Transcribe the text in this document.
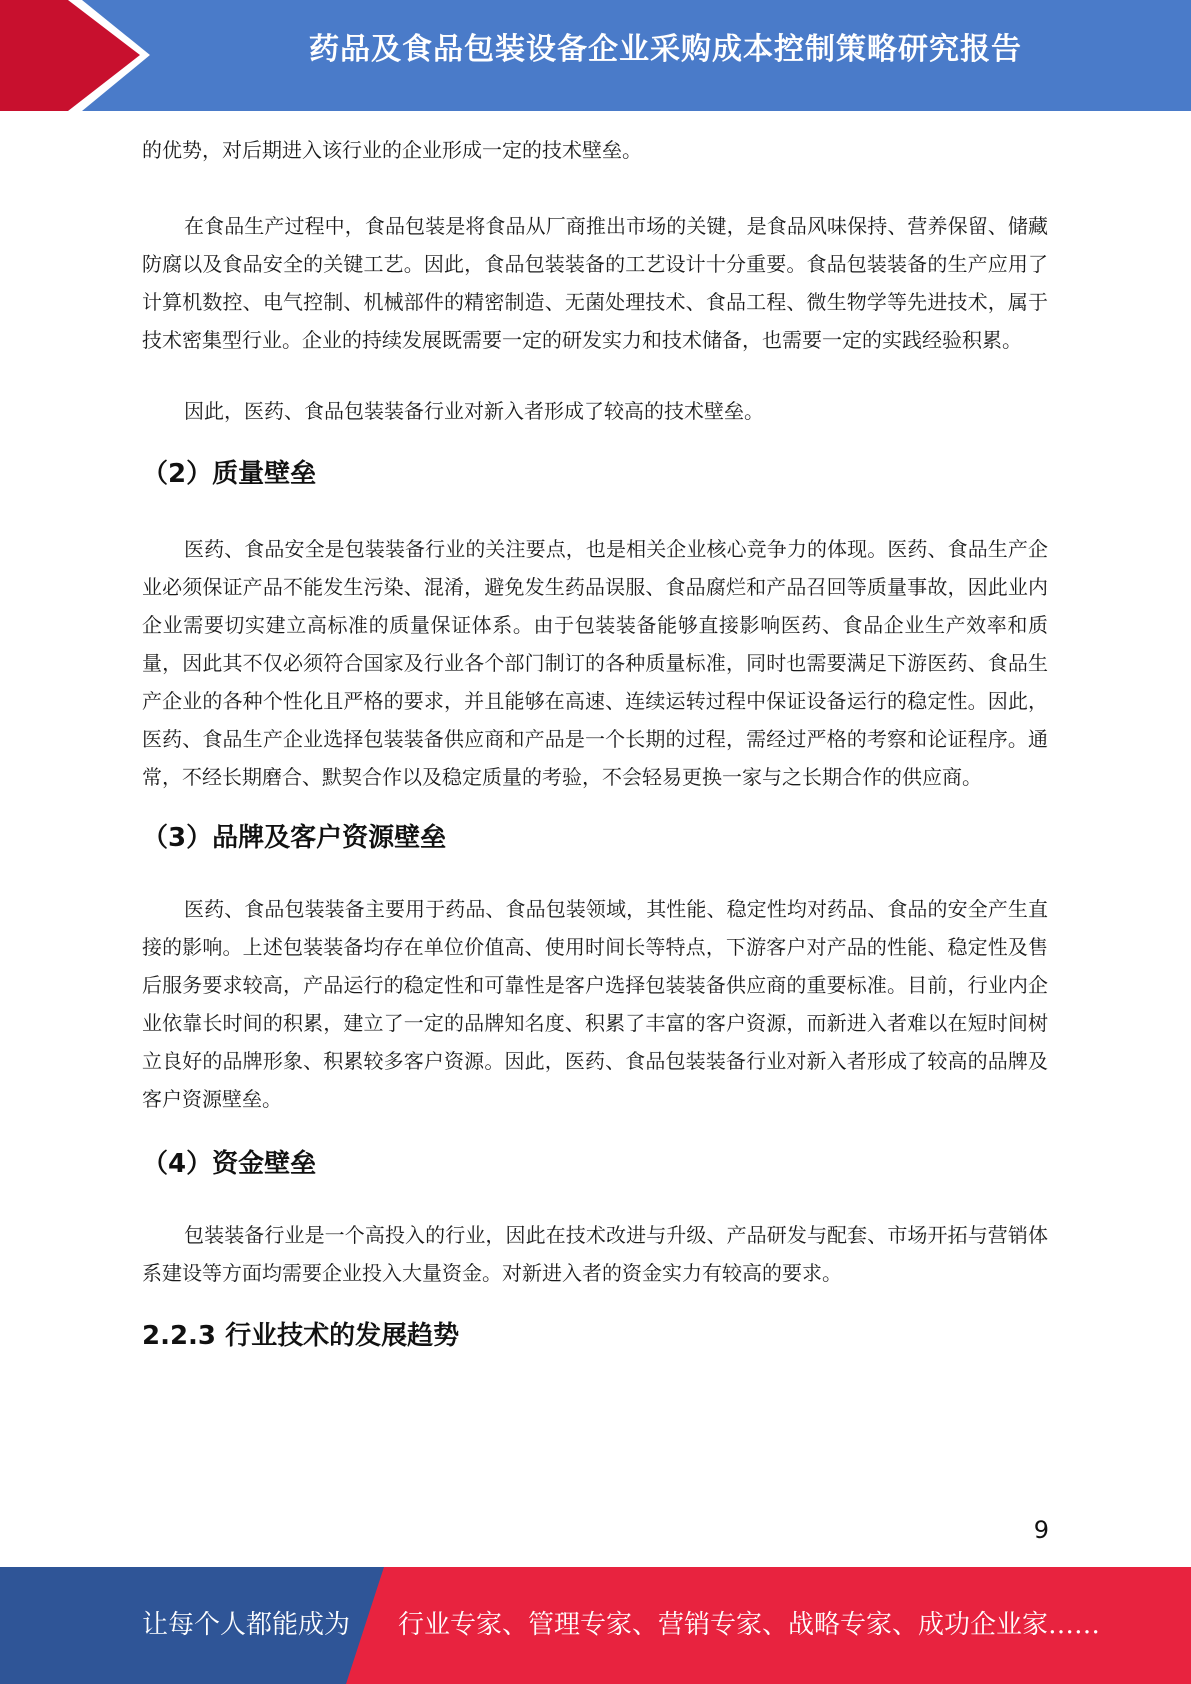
药品及食品包装设备企业采购成本控制策略研究报告

的优势，对后期进入该行业的企业形成一定的技术壁垒。

在食品生产过程中，食品包装是将食品从厂商推出市场的关键，是食品风味保持、营养保留、储藏防腐以及食品安全的关键工艺。因此，食品包装装备的工艺设计十分重要。食品包装装备的生产应用了计算机数控、电气控制、机械部件的精密制造、无菌处理技术、食品工程、微生物学等先进技术，属于技术密集型行业。企业的持续发展既需要一定的研发实力和技术储备，也需要一定的实践经验积累。

因此，医药、食品包装装备行业对新入者形成了较高的技术壁垒。

（2）质量壁垒

医药、食品安全是包装装备行业的关注要点，也是相关企业核心竞争力的体现。医药、食品生产企业必须保证产品不能发生污染、混淆，避免发生药品误服、食品腐烂和产品召回等质量事故，因此业内企业需要切实建立高标准的质量保证体系。由于包装装备能够直接影响医药、食品企业生产效率和质量，因此其不仅必须符合国家及行业各个部门制订的各种质量标准，同时也需要满足下游医药、食品生产企业的各种个性化且严格的要求，并且能够在高速、连续运转过程中保证设备运行的稳定性。因此，医药、食品生产企业选择包装装备供应商和产品是一个长期的过程，需经过严格的考察和论证程序。通常，不经长期磨合、默契合作以及稳定质量的考验，不会轻易更换一家与之长期合作的供应商。

（3）品牌及客户资源壁垒

医药、食品包装装备主要用于药品、食品包装领域，其性能、稳定性均对药品、食品的安全产生直接的影响。上述包装装备均存在单位价值高、使用时间长等特点，下游客户对产品的性能、稳定性及售后服务要求较高，产品运行的稳定性和可靠性是客户选择包装装备供应商的重要标准。目前，行业内企业依靠长时间的积累，建立了一定的品牌知名度、积累了丰富的客户资源，而新进入者难以在短时间树立良好的品牌形象、积累较多客户资源。因此，医药、食品包装装备行业对新入者形成了较高的品牌及客户资源壁垒。

（4）资金壁垒

包装装备行业是一个高投入的行业，因此在技术改进与升级、产品研发与配套、市场开拓与营销体系建设等方面均需要企业投入大量资金。对新进入者的资金实力有较高的要求。

2.2.3 行业技术的发展趋势
9
让每个人都能成为 行业专家、管理专家、营销专家、战略专家、成功企业家……
